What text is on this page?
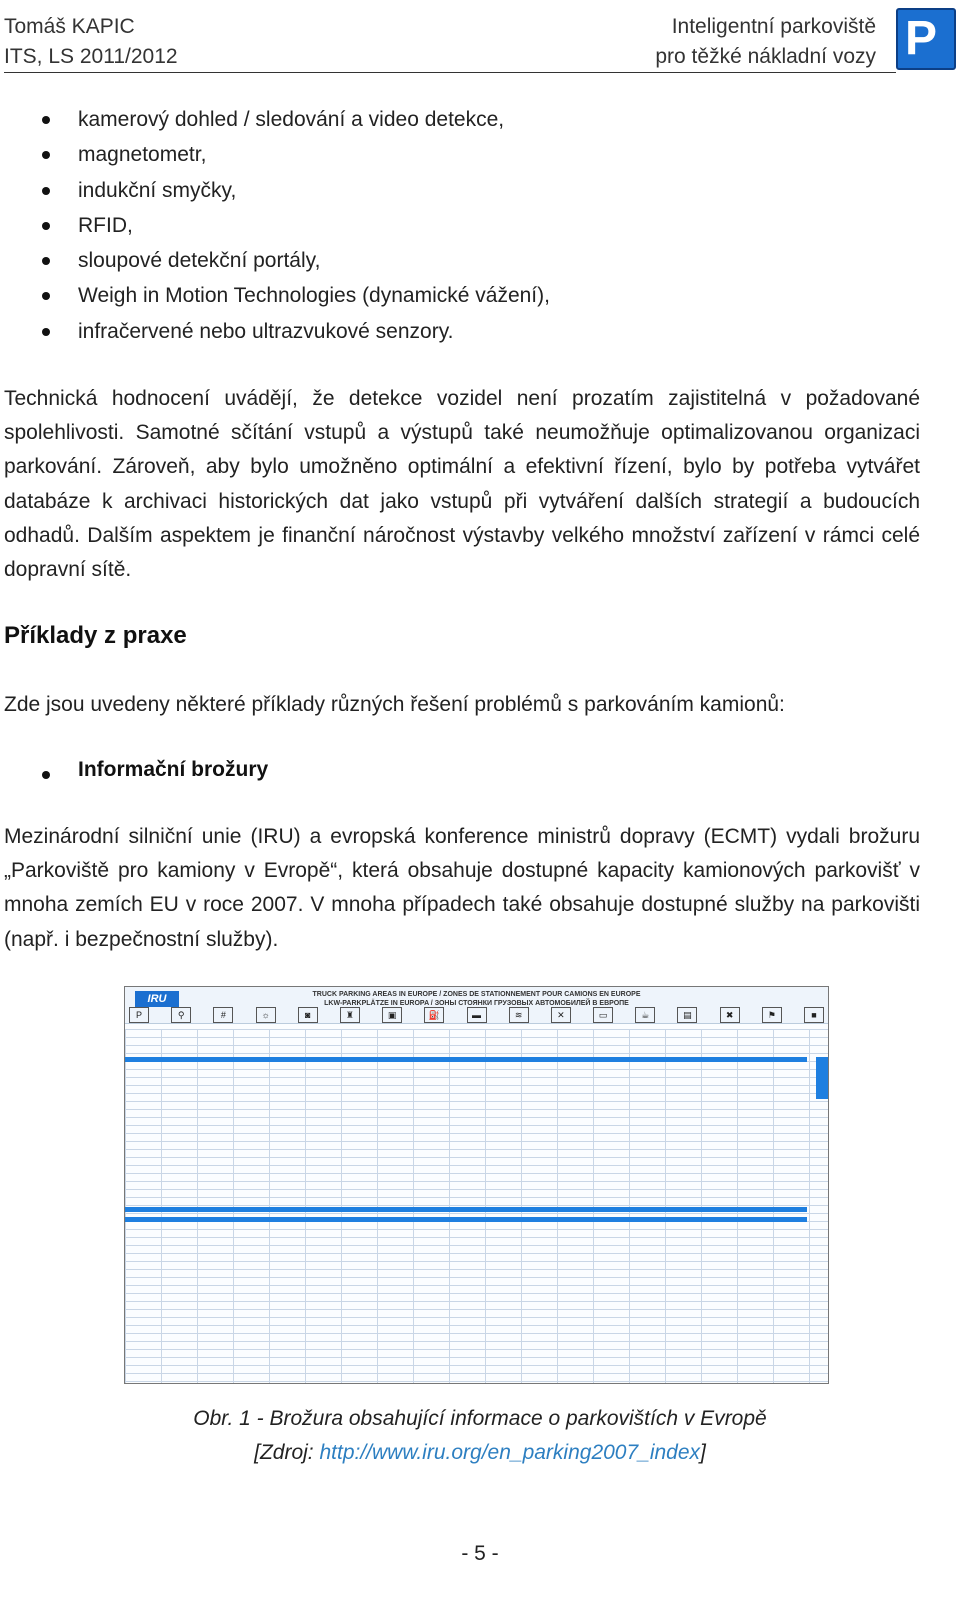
Tomáš KAPIC
ITS, LS 2011/2012
Inteligentní parkoviště
pro těžké nákladní vozy P
kamerový dohled / sledování a video detekce,
magnetometr,
indukční smyčky,
RFID,
sloupové detekční portály,
Weigh in Motion Technologies (dynamické vážení),
infračervené nebo ultrazvukové senzory.

Technická hodnocení uvádějí, že detekce vozidel není prozatím zajistitelná v požadované spolehlivosti. Samotné sčítání vstupů a výstupů také neumožňuje optimalizovanou organizaci parkování. Zároveň, aby bylo umožněno optimální a efektivní řízení, bylo by potřeba vytvářet databáze k archivaci historických dat jako vstupů při vytváření dalších strategií a budoucích odhadů. Dalším aspektem je finanční náročnost výstavby velkého množství zařízení v rámci celé dopravní sítě.

Příklady z praxe

Zde jsou uvedeny některé příklady různých řešení problémů s parkováním kamionů:

Informační brožury

Mezinárodní silniční unie (IRU) a evropská konference ministrů dopravy (ECMT) vydali brožuru „Parkoviště pro kamiony v Evropě“, která obsahuje dostupné kapacity kamionových parkovišť v mnoha zemích EU v roce 2007. V mnoha případech také obsahuje dostupné služby na parkovišti (např. i bezpečnostní služby).

IRU	TRUCK PARKING AREAS IN EUROPE / ZONES DE STATIONNEMENT POUR CAMIONS EN EUROPE
LKW-PARKPLÄTZE IN EUROPA / ЗОНЫ СТОЯНКИ ГРУЗОВЫХ АВТОМОБИЛЕЙ В ЕВРОПЕ
P	⚲	#	☼	◙	♜	▣	⛽	▬	≋	✕	▭	☕	▤	✖	⚑	■
Obr. 1 - Brožura obsahující informace o parkovištích v Evropě
[Zdroj: http://www.iru.org/en_parking2007_index]
- 5 -
